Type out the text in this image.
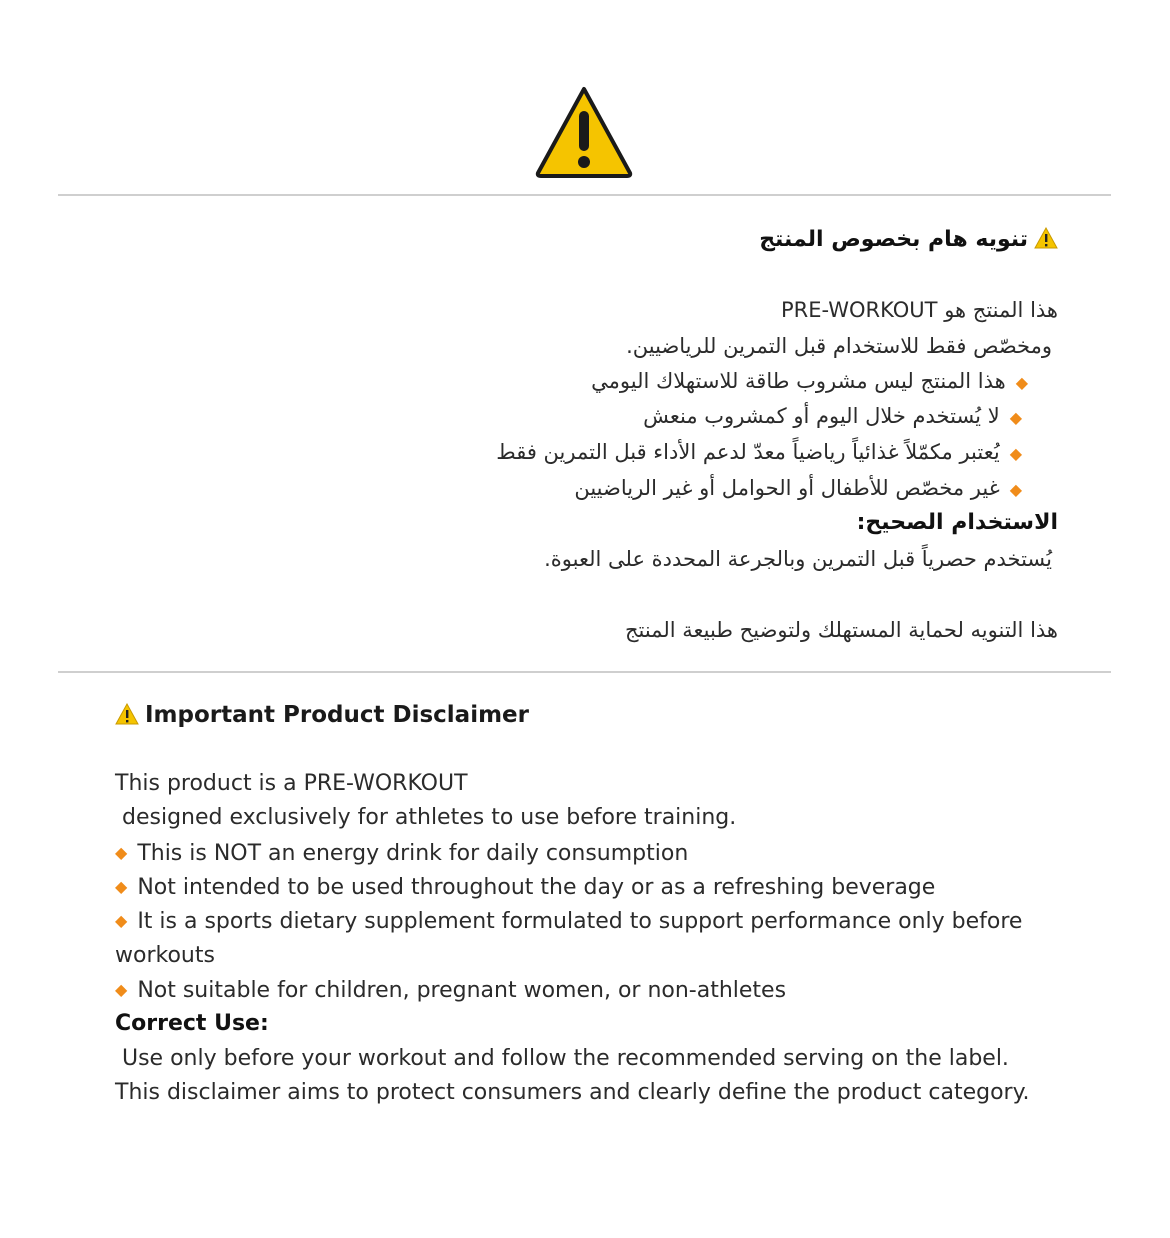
تنويه هام بخصوص المنتج
هذا المنتج هو PRE-WORKOUT
ومخصّص فقط للاستخدام قبل التمرين للرياضيين.
◆هذا المنتج ليس مشروب طاقة للاستهلاك اليومي
◆لا يُستخدم خلال اليوم أو كمشروب منعش
◆يُعتبر مكمّلاً غذائياً رياضياً معدّ لدعم الأداء قبل التمرين فقط
◆غير مخصّص للأطفال أو الحوامل أو غير الرياضيين
الاستخدام الصحيح:
يُستخدم حصرياً قبل التمرين وبالجرعة المحددة على العبوة.
هذا التنويه لحماية المستهلك ولتوضيح طبيعة المنتج
Important Product Disclaimer
This product is a PRE-WORKOUT
designed exclusively for athletes to use before training.
◆ This is NOT an energy drink for daily consumption
◆ Not intended to be used throughout the day or as a refreshing beverage
◆ It is a sports dietary supplement formulated to support performance only before workouts
◆ Not suitable for children, pregnant women, or non-athletes
Correct Use:
Use only before your workout and follow the recommended serving on the label.
This disclaimer aims to protect consumers and clearly define the product category.
